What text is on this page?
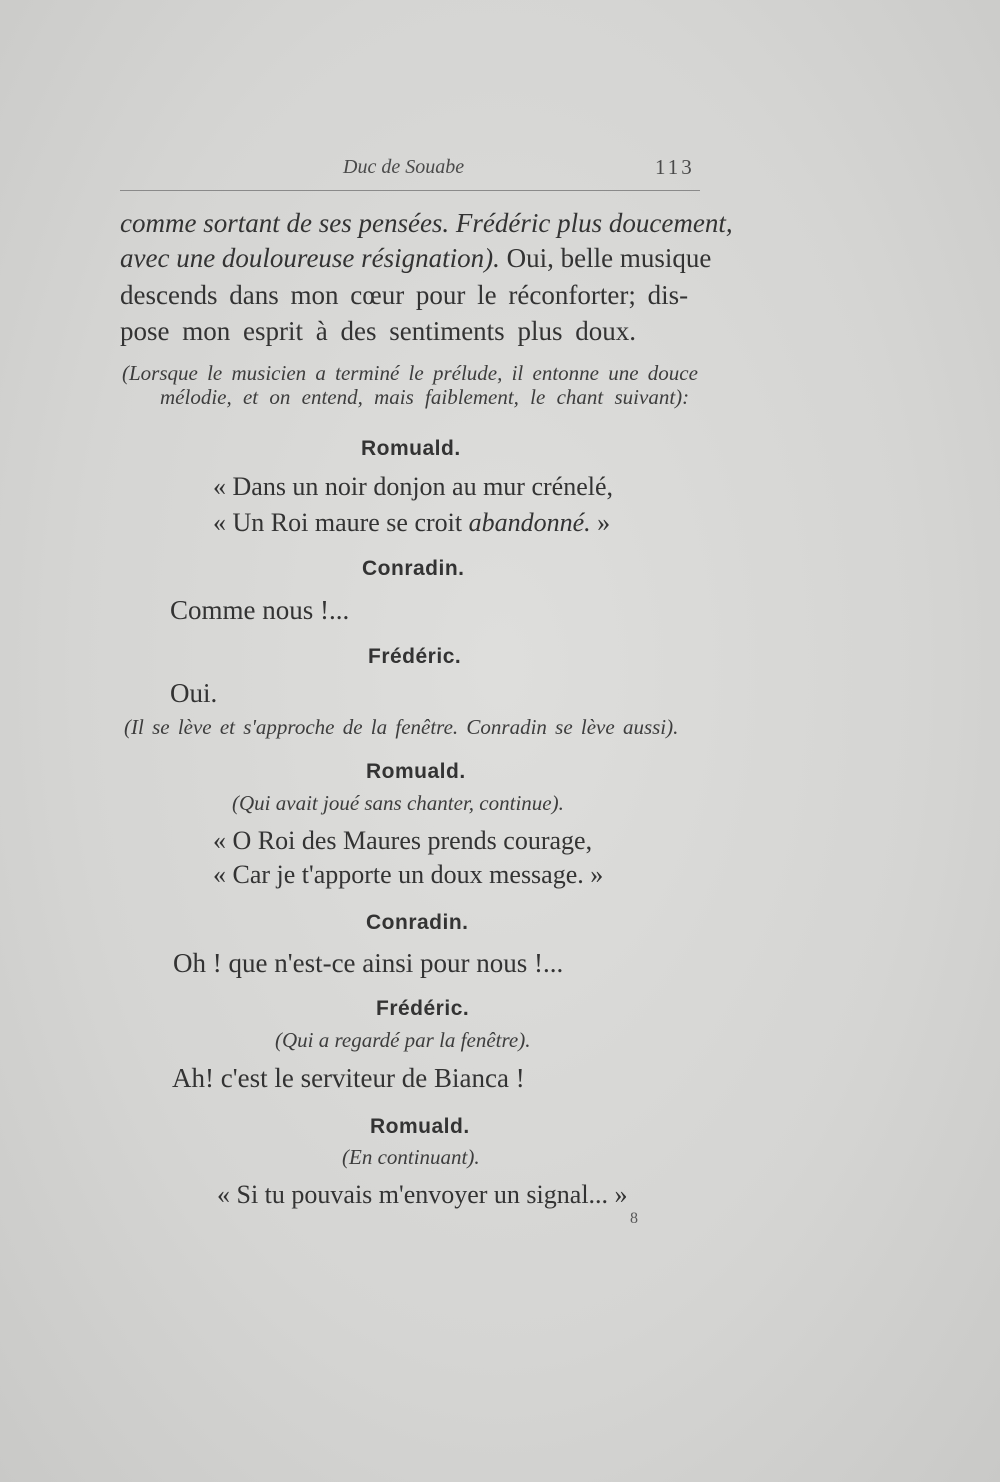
Duc de Souabe	113
comme sortant de ses pensées. Frédéric plus doucement,
avec une douloureuse résignation). Oui, belle musique
descends dans mon cœur pour le réconforter; dis-
pose mon esprit à des sentiments plus doux.
(Lorsque le musicien a terminé le prélude, il entonne une douce
mélodie, et on entend, mais faiblement, le chant suivant):
Romuald.
« Dans un noir donjon au mur crénelé,
« Un Roi maure se croit abandonné. »
Conradin.
Comme nous !...
Frédéric.
Oui.
(Il se lève et s'approche de la fenêtre. Conradin se lève aussi).
Romuald.
(Qui avait joué sans chanter, continue).
« O Roi des Maures prends courage,
« Car je t'apporte un doux message. »
Conradin.
Oh ! que n'est-ce ainsi pour nous !...
Frédéric.
(Qui a regardé par la fenêtre).
Ah! c'est le serviteur de Bianca !
Romuald.
(En continuant).
« Si tu pouvais m'envoyer un signal... »
8
